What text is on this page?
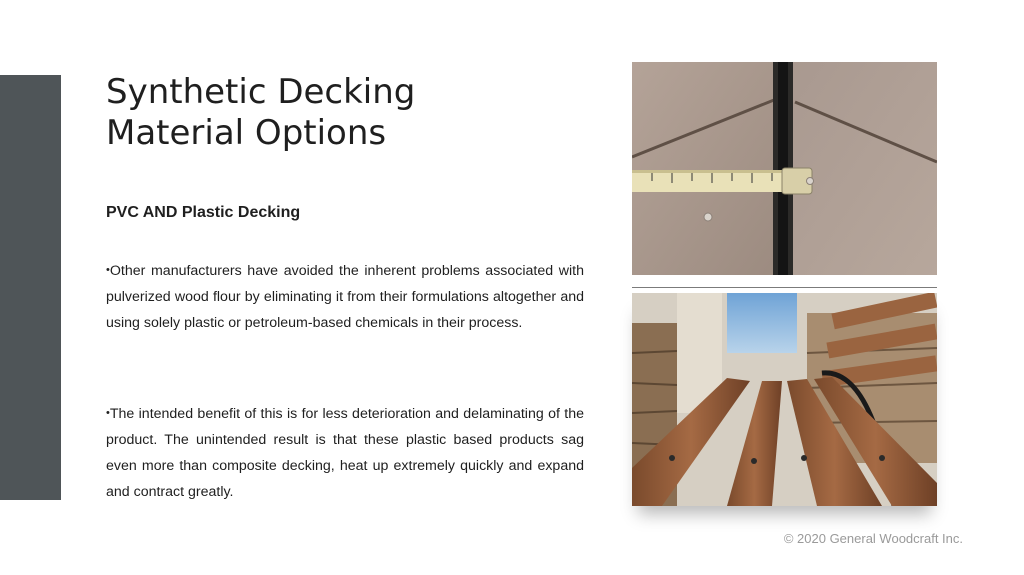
Synthetic Decking
Material Options
PVC AND Plastic Decking

•Other manufacturers have avoided the inherent problems associated with pulverized wood flour by eliminating it from their formulations altogether and using solely plastic or petroleum-based chemicals in their process.

•The intended benefit of this is for less deterioration and delaminating of the product. The unintended result is that these plastic based products sag even more than composite decking, heat up extremely quickly and expand and contract greatly.

© 2020 General Woodcraft Inc.
